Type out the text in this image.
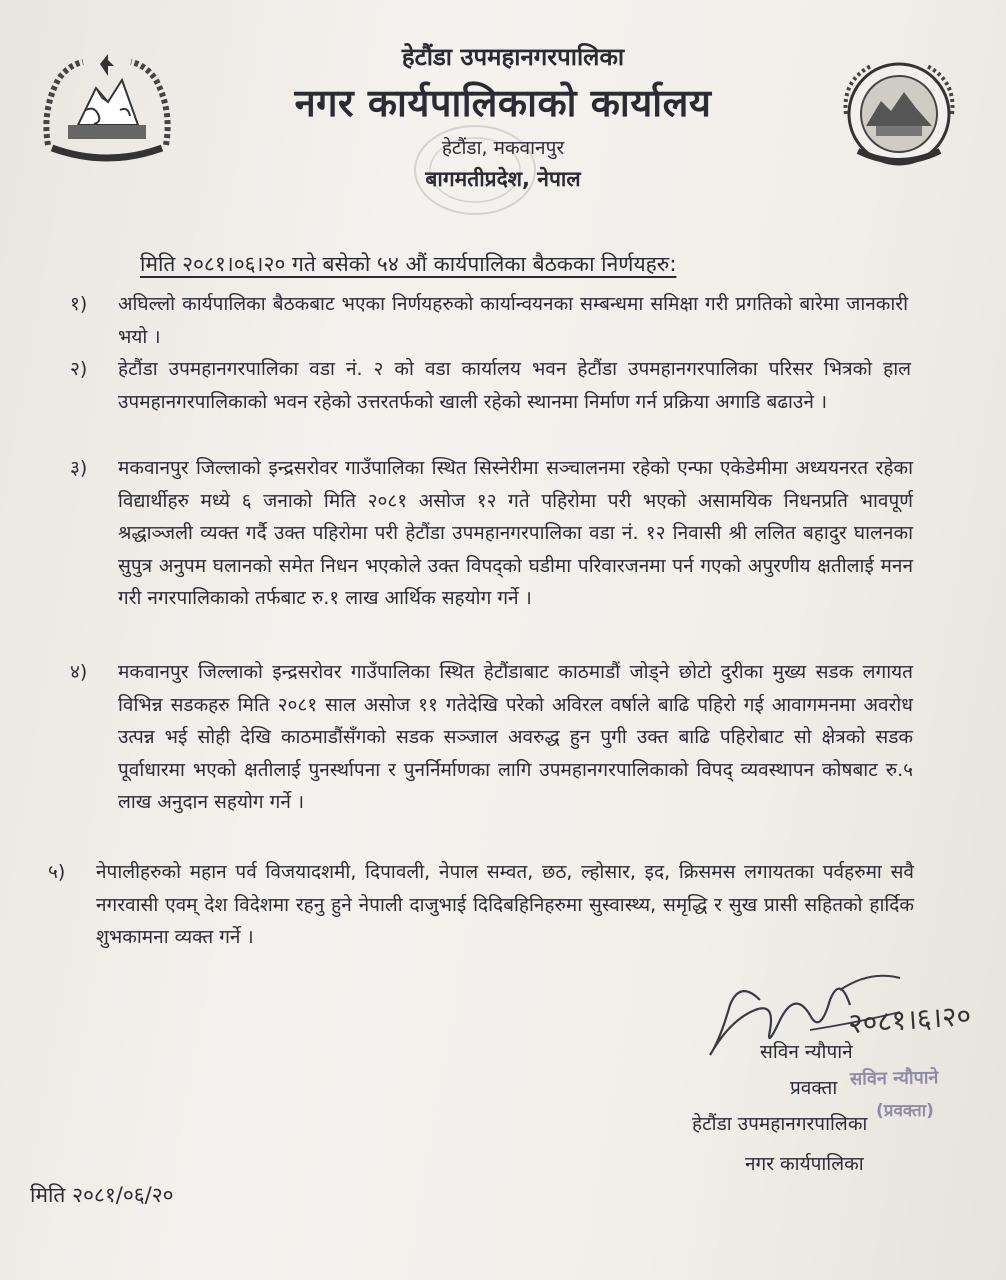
हेटौंडा उपमहानगरपालिका
नगर कार्यपालिकाको कार्यालय

हेटौंडा, मकवानपुर

बागमतीप्रदेश, नेपाल

मिति २०८१।०६।२० गते बसेको ५४ औं कार्यपालिका बैठकका निर्णयहरु:
१)	अघिल्लो कार्यपालिका बैठकबाट भएका निर्णयहरुको कार्यान्वयनका सम्बन्धमा समिक्षा गरी प्रगतिको बारेमा जानकारी भयो ।
२)	हेटौंडा उपमहानगरपालिका वडा नं. २ को वडा कार्यालय भवन हेटौंडा उपमहानगरपालिका परिसर भित्रको हाल उपमहानगरपालिकाको भवन रहेको उत्तरतर्फको खाली रहेको स्थानमा निर्माण गर्न प्रक्रिया अगाडि बढाउने ।
३)	मकवानपुर जिल्लाको इन्द्रसरोवर गाउँपालिका स्थित सिस्नेरीमा सञ्चालनमा रहेको एन्फा एकेडेमीमा अध्ययनरत रहेका विद्यार्थीहरु मध्ये ६ जनाको मिति २०८१ असोज १२ गते पहिरोमा परी भएको असामयिक निधनप्रति भावपूर्ण श्रद्धाञ्जली व्यक्त गर्दै उक्त पहिरोमा परी हेटौंडा उपमहानगरपालिका वडा नं. १२ निवासी श्री ललित बहादुर घालनका सुपुत्र अनुपम घलानको समेत निधन भएकोले उक्त विपद्को घडीमा परिवारजनमा पर्न गएको अपुरणीय क्षतीलाई मनन गरी नगरपालिकाको तर्फबाट रु.१ लाख आर्थिक सहयोग गर्ने ।
४)	मकवानपुर जिल्लाको इन्द्रसरोवर गाउँपालिका स्थित हेटौंडाबाट काठमाडौं जोड्ने छोटो दुरीका मुख्य सडक लगायत विभिन्न सडकहरु मिति २०८१ साल असोज ११ गतेदेखि परेको अविरल वर्षाले बाढि पहिरो गई आवागमनमा अवरोध उत्पन्न भई सोही देखि काठमाडौंसँगको सडक सञ्जाल अवरुद्ध हुन पुगी उक्त बाढि पहिरोबाट सो क्षेत्रको सडक पूर्वाधारमा भएको क्षतीलाई पुनर्स्थापना र पुनर्निर्माणका लागि उपमहानगरपालिकाको विपद् व्यवस्थापन कोषबाट रु.५ लाख अनुदान सहयोग गर्ने ।
५)	नेपालीहरुको महान पर्व विजयादशमी, दिपावली, नेपाल सम्वत, छठ, ल्होसार, इद, क्रिसमस लगायतका पर्वहरुमा सवै नगरवासी एवम् देश विदेशमा रहनु हुने नेपाली दाजुभाई दिदिबहिनिहरुमा सुस्वास्थ्य, समृद्धि र सुख प्रासी सहितको हार्दिक शुभकामना व्यक्त गर्ने ।
२०८१।६।२०

सविन न्यौपाने

सविन न्यौपाने

प्रवक्ता

(प्रवक्ता)

हेटौंडा उपमहानगरपालिका

नगर कार्यपालिका

मिति २०८१/०६/२०
